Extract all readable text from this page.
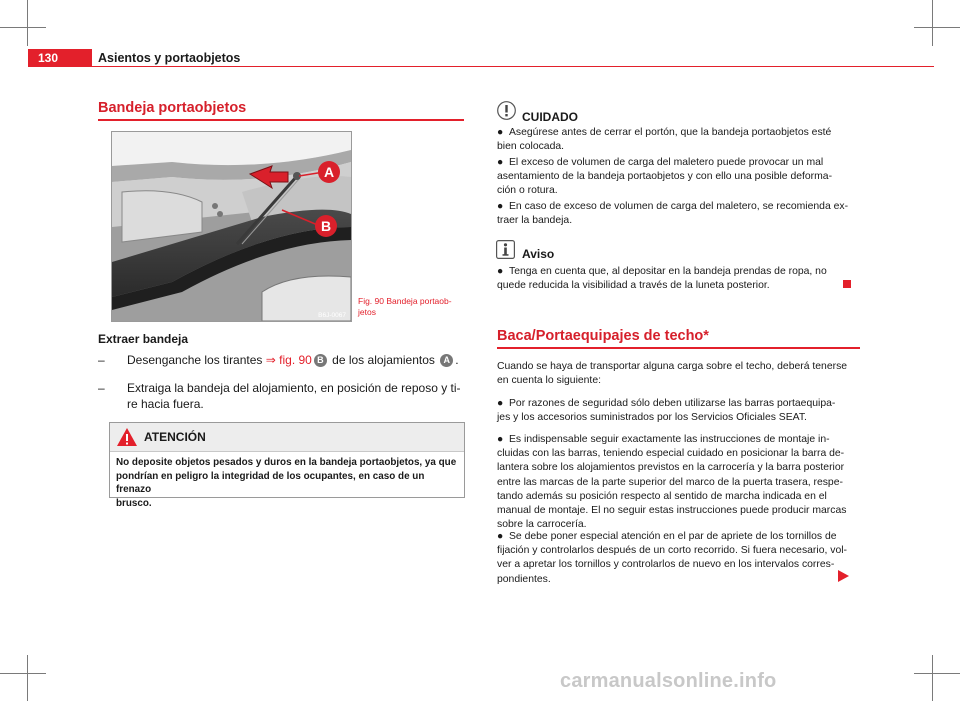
130	Asientos y portaobjetos
Bandeja portaobjetos
A
B
B6J-0067
Fig. 90 Bandeja portaob-
jetos
Extraer bandeja
– Desenganche los tirantes ⇒ fig. 90 B de los alojamientos A .
– Extraiga la bandeja del alojamiento, en posición de reposo y ti-
re hacia fuera.
ATENCIÓN
No deposite objetos pesados y duros en la bandeja portaobjetos, ya que
pondrían en peligro la integridad de los ocupantes, en caso de un frenazo
brusco.
CUIDADO
● Asegúrese antes de cerrar el portón, que la bandeja portaobjetos esté
bien colocada.
● El exceso de volumen de carga del maletero puede provocar un mal
asentamiento de la bandeja portaobjetos y con ello una posible deforma-
ción o rotura.
● En caso de exceso de volumen de carga del maletero, se recomienda ex-
traer la bandeja.
Aviso
● Tenga en cuenta que, al depositar en la bandeja prendas de ropa, no
quede reducida la visibilidad a través de la luneta posterior.
Baca/Portaequipajes de techo*
Cuando se haya de transportar alguna carga sobre el techo, deberá tenerse
en cuenta lo siguiente:
● Por razones de seguridad sólo deben utilizarse las barras portaequipa-
jes y los accesorios suministrados por los Servicios Oficiales SEAT.
● Es indispensable seguir exactamente las instrucciones de montaje in-
cluidas con las barras, teniendo especial cuidado en posicionar la barra de-
lantera sobre los alojamientos previstos en la carrocería y la barra posterior
entre las marcas de la parte superior del marco de la puerta trasera, respe-
tando además su posición respecto al sentido de marcha indicada en el
manual de montaje. El no seguir estas instrucciones puede producir marcas
sobre la carrocería.
● Se debe poner especial atención en el par de apriete de los tornillos de
fijación y controlarlos después de un corto recorrido. Si fuera necesario, vol-
ver a apretar los tornillos y controlarlos de nuevo en los intervalos corres-
pondientes.
carmanualsonline.info
